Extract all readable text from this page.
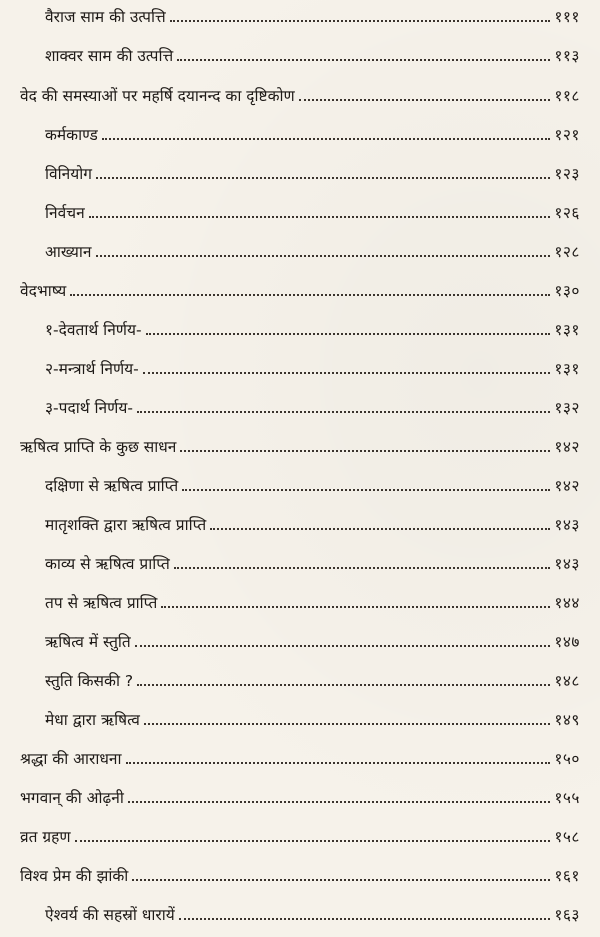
वैराज साम की उत्पत्ति	१११
शाक्वर साम की उत्पत्ति	११३
वेद की समस्याओं पर महर्षि दयानन्द का दृष्टिकोण	११८
कर्मकाण्ड	१२१
विनियोग	१२३
निर्वचन	१२६
आख्यान	१२८
वेदभाष्य	१३०
१-देवतार्थ निर्णय-	१३१
२-मन्त्रार्थ निर्णय-	१३१
३-पदार्थ निर्णय-	१३२
ऋषित्व प्राप्ति के कुछ साधन	१४२
दक्षिणा से ऋषित्व प्राप्ति	१४२
मातृशक्ति द्वारा ऋषित्व प्राप्ति	१४३
काव्य से ऋषित्व प्राप्ति	१४३
तप से ऋषित्व प्राप्ति	१४४
ऋषित्व में स्तुति	१४७
स्तुति किसकी ?	१४८
मेधा द्वारा ऋषित्व	१४९
श्रद्धा की आराधना	१५०
भगवान् की ओढ़नी	१५५
व्रत ग्रहण	१५८
विश्व प्रेम की झांकी	१६१
ऐश्वर्य की सहस्रों धारायें	१६३
